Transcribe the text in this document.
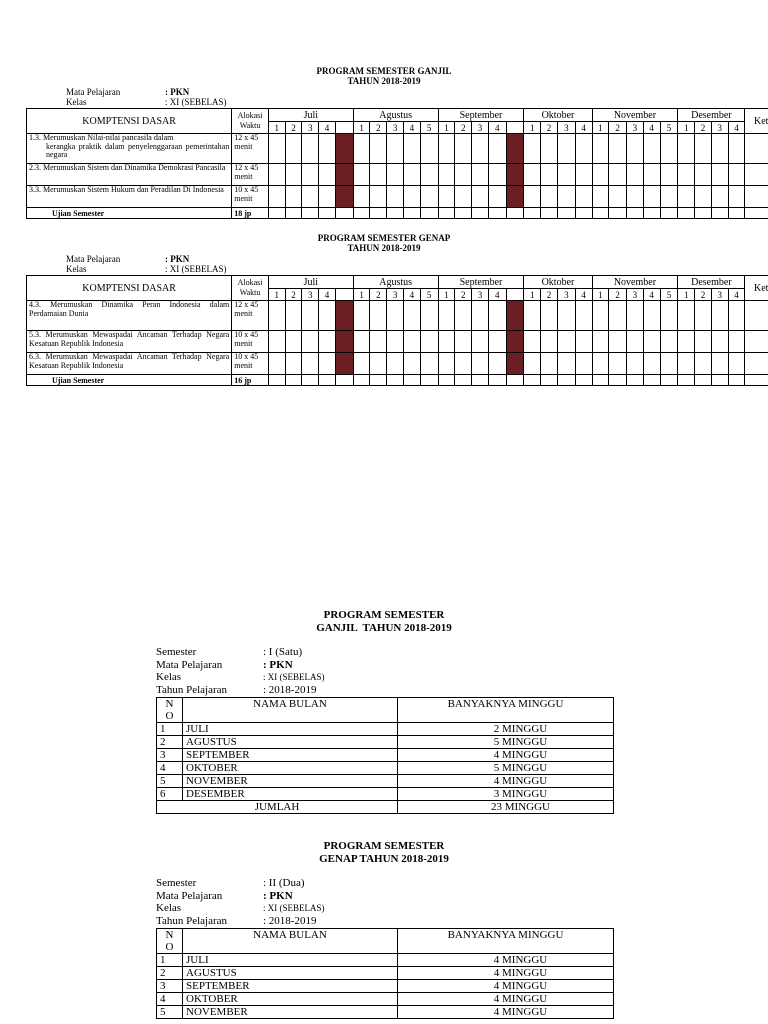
PROGRAM SEMESTER GANJIL
TAHUN 2018-2019
Mata Pelajaran	: PKN
Kelas	: XI (SEBELAS)
KOMPTENSI DASAR	Alokasi Waktu	Juli					Agustus					September					Oktober				November					Desember				Ket
		1	2	3	4		1	2	3	4	5	1	2	3	4		1	2	3	4	1	2	3	4	5	1	2	3	4	
1.3. Merumuskan Nilai-nilai pancasila dalam
kerangka praktik dalam penyelenggaraan pemerintahan negara	12 x 45 menit																													
2.3. Merumuskan Sistem dan Dinamika Demokrasi Pancasila	12 x 45 menit																													
3.3. Merumuskan Sistem Hukum dan Peradilan Di Indonesia	10 x 45 menit																													
Ujian Semester	18 jp																													
PROGRAM SEMESTER GENAP
TAHUN 2018-2019
Mata Pelajaran	: PKN
Kelas	: XI (SEBELAS)
KOMPTENSI DASAR	Alokasi Waktu	Juli					Agustus					September					Oktober				November					Desember				Ket
		1	2	3	4		1	2	3	4	5	1	2	3	4		1	2	3	4	1	2	3	4	5	1	2	3	4	
4.3. Merumuskan Dinamika Peran Indonesia dalam Perdamaian Dunia	12 x 45 menit																													
5.3. Merumuskan Mewaspadai Ancaman Terhadap Negara Kesatuan Republik Indonesia	10 x 45 menit																													
6.3. Merumuskan Mewaspadai Ancaman Terhadap Negara Kesatuan Republik Indonesia	10 x 45 menit																													
Ujian Semester	16 jp																													
PROGRAM SEMESTER
GANJIL  TAHUN 2018-2019
Semester	: I (Satu)
Mata Pelajaran	: PKN
Kelas	: XI (SEBELAS)
Tahun Pelajaran	: 2018-2019
N O	NAMA BULAN	BANYAKNYA MINGGU
1	JULI	2 MINGGU
2	AGUSTUS	5 MINGGU
3	SEPTEMBER	4 MINGGU
4	OKTOBER	5 MINGGU
5	NOVEMBER	4 MINGGU
6	DESEMBER	3 MINGGU
JUMLAH		23 MINGGU
PROGRAM SEMESTER
GENAP TAHUN 2018-2019
Semester	: II (Dua)
Mata Pelajaran	: PKN
Kelas	: XI (SEBELAS)
Tahun Pelajaran	: 2018-2019
N O	NAMA BULAN	BANYAKNYA MINGGU
1	JULI	4 MINGGU
2	AGUSTUS	4 MINGGU
3	SEPTEMBER	4 MINGGU
4	OKTOBER	4 MINGGU
5	NOVEMBER	4 MINGGU
